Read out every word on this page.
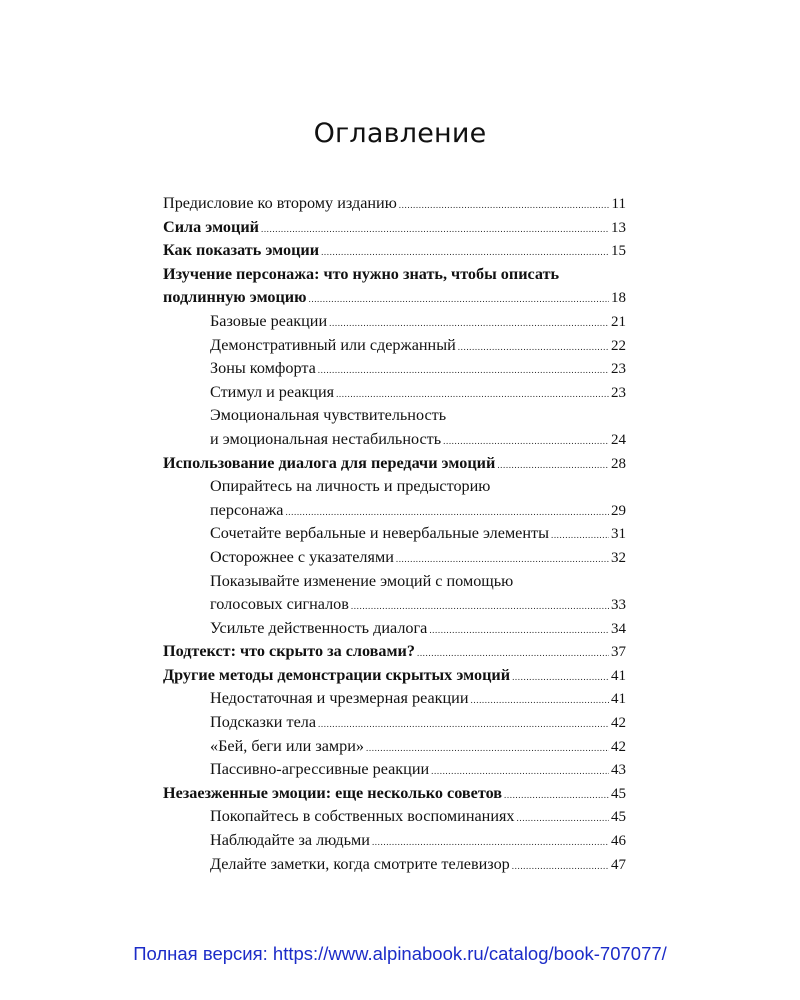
Оглавление
Предисловие ко второму изданию .....	11
Сила эмоций .....	13
Как показать эмоции .....	15
Изучение персонажа: что нужно знать, чтобы описать
подлинную эмоцию .....	18
Базовые реакции .....	21
Демонстративный или сдержанный .....	22
Зоны комфорта .....	23
Стимул и реакция .....	23
Эмоциональная чувствительность
и эмоциональная нестабильность .....	24
Использование диалога для передачи эмоций .....	28
Опирайтесь на личность и предысторию
персонажа .....	29
Сочетайте вербальные и невербальные элементы .....	31
Осторожнее с указателями .....	32
Показывайте изменение эмоций с помощью
голосовых сигналов .....	33
Усильте действенность диалога .....	34
Подтекст: что скрыто за словами? .....	37
Другие методы демонстрации скрытых эмоций .....	41
Недостаточная и чрезмерная реакции .....	41
Подсказки тела .....	42
«Бей, беги или замри» .....	42
Пассивно-агрессивные реакции .....	43
Незаезженные эмоции: еще несколько советов .....	45
Покопайтесь в собственных воспоминаниях .....	45
Наблюдайте за людьми .....	46
Делайте заметки, когда смотрите телевизор .....	47
Полная версия: https://www.alpinabook.ru/catalog/book-707077/
